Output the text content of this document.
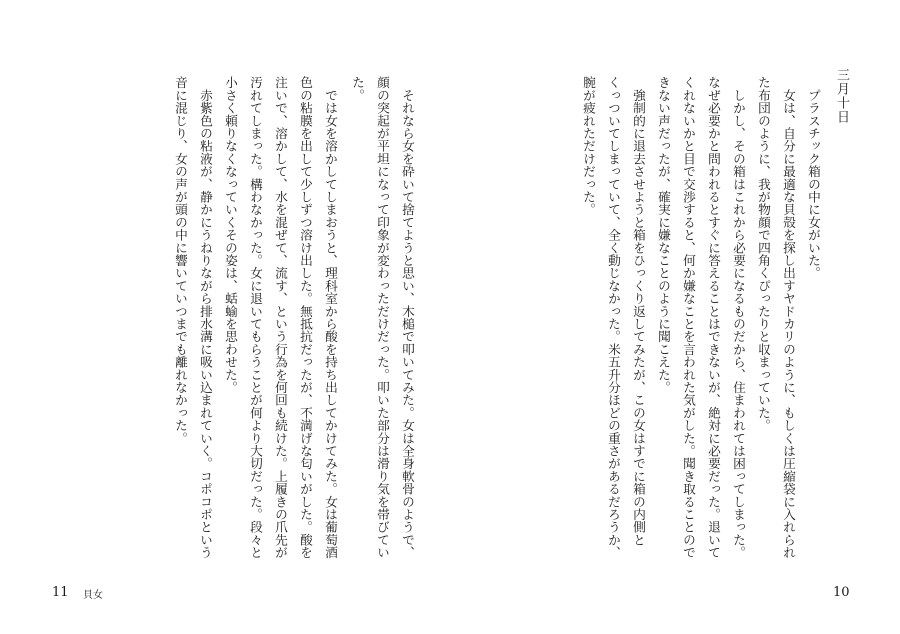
三月十日
　プラスチック箱の中に女がいた。
　女は、自分に最適な貝殻を探し出すヤドカリのように、もしくは圧縮袋に入れられ
た布団のように、我が物顔で四角くぴったりと収まっていた。
　しかし、その箱はこれから必要になるものだから、住まわれては困ってしまった。
なぜ必要かと問われるとすぐに答えることはできないが、絶対に必要だった。退いて
くれないかと目で交渉すると、何か嫌なことを言われた気がした。聞き取ることので
きない声だったが、確実に嫌なことのように聞こえた。
　強制的に退去させようと箱をひっくり返してみたが、この女はすでに箱の内側と
くっついてしまっていて、全く動じなかった。米五升分ほどの重さがあるだろうか、
腕が疲れただけだった。
　それなら女を砕いて捨てようと思い、木槌で叩いてみた。女は全身軟骨のようで、
顔の突起が平坦になって印象が変わっただけだった。叩いた部分は滑り気を帯びてい
た。
　では女を溶かしてしまおうと、理科室から酸を持ち出してかけてみた。女は葡萄酒
色の粘膜を出して少しずつ溶け出した。無抵抗だったが、不満げな匂いがした。酸を
注いで、溶かして、水を混ぜて、流す、という行為を何回も続けた。上履きの爪先が
汚れてしまった。構わなかった。女に退いてもらうことが何より大切だった。段々と
小さく頼りなくなっていくその姿は、蛞蝓を思わせた。
　赤紫色の粘液が、静かにうねりながら排水溝に吸い込まれていく。コポコポという
音に混じり、女の声が頭の中に響いていつまでも離れなかった。
11 貝女	10
